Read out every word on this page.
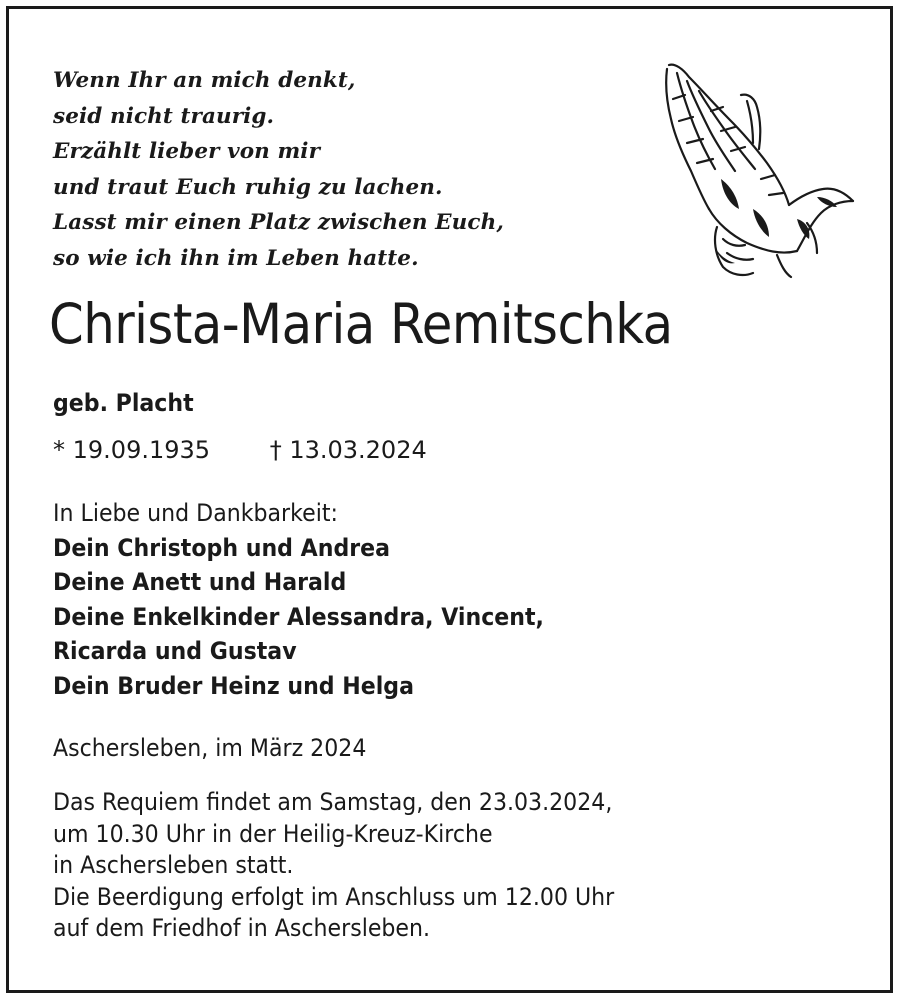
Wenn Ihr an mich denkt,
seid nicht traurig.
Erzählt lieber von mir
und traut Euch ruhig zu lachen.
Lasst mir einen Platz zwischen Euch,
so wie ich ihn im Leben hatte.
Christa-Maria Remitschka
geb. Placht
* 19.09.1935 † 13.03.2024
In Liebe und Dankbarkeit:
Dein Christoph und Andrea
Deine Anett und Harald
Deine Enkelkinder Alessandra, Vincent,
Ricarda und Gustav
Dein Bruder Heinz und Helga
Aschersleben, im März 2024
Das Requiem findet am Samstag, den 23.03.2024,
um 10.30 Uhr in der Heilig-Kreuz-Kirche
in Aschersleben statt.
Die Beerdigung erfolgt im Anschluss um 12.00 Uhr
auf dem Friedhof in Aschersleben.
